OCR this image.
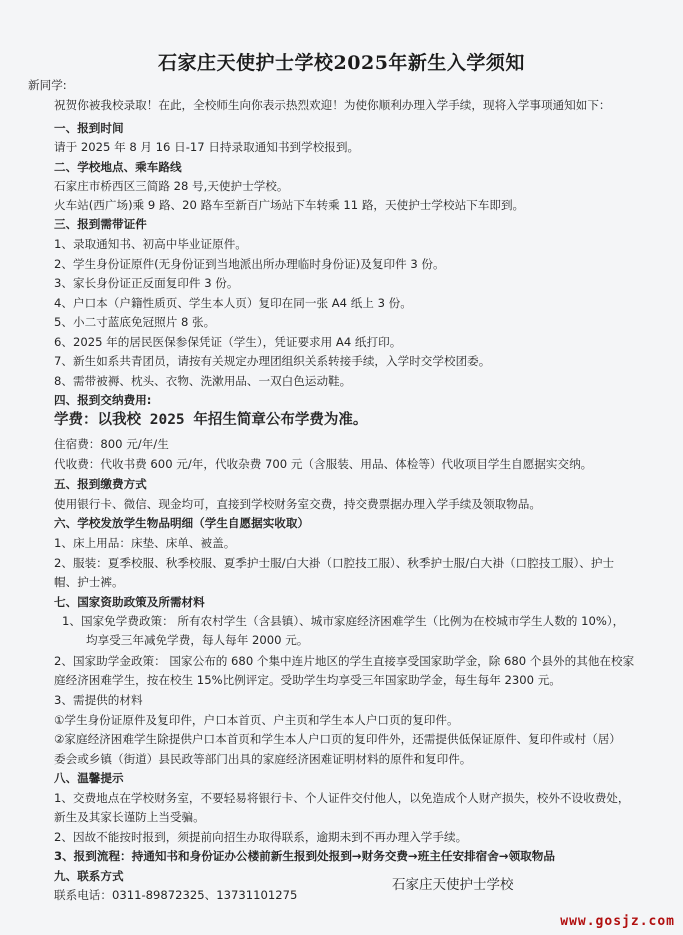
石家庄天使护士学校2025年新生入学须知
新同学:
祝贺你被我校录取！在此，全校师生向你表示热烈欢迎！为使你顺利办理入学手续，现将入学事项通知如下：
一、报到时间
请于 2025 年 8 月 16 日-17 日持录取通知书到学校报到。
二、学校地点、乘车路线
石家庄市桥西区三简路 28 号,天使护士学校。
火车站(西广场)乘 9 路、20 路车至新百广场站下车转乘 11 路，天使护士学校站下车即到。
三、报到需带证件
1、录取通知书、初高中毕业证原件。
2、学生身份证原件(无身份证到当地派出所办理临时身份证)及复印件 3 份。
3、家长身份证正反面复印件 3 份。
4、户口本（户籍性质页、学生本人页）复印在同一张 A4 纸上 3 份。
5、小二寸蓝底免冠照片 8 张。
6、2025 年的居民医保参保凭证（学生），凭证要求用 A4 纸打印。
7、新生如系共青团员，请按有关规定办理团组织关系转接手续，入学时交学校团委。
8、需带被褥、枕头、衣物、洗漱用品、一双白色运动鞋。
四、报到交纳费用:
学费：以我校 2025 年招生简章公布学费为准。
住宿费：800 元/年/生
代收费：代收书费 600 元/年，代收杂费 700 元（含服装、用品、体检等）代收项目学生自愿据实交纳。
五、报到缴费方式
使用银行卡、微信、现金均可，直接到学校财务室交费，持交费票据办理入学手续及领取物品。
六、学校发放学生物品明细（学生自愿据实收取）
1、床上用品：床垫、床单、被盖。
2、服装：夏季校服、秋季校服、夏季护士服/白大褂（口腔技工服）、秋季护士服/白大褂（口腔技工服）、护士
帽、护士裤。
七、国家资助政策及所需材料
1、国家免学费政策： 所有农村学生（含县镇）、城市家庭经济困难学生（比例为在校城市学生人数的 10%），
均享受三年减免学费，每人每年 2000 元。
2、国家助学金政策： 国家公布的 680 个集中连片地区的学生直接享受国家助学金，除 680 个县外的其他在校家
庭经济困难学生，按在校生 15%比例评定。受助学生均享受三年国家助学金，每生每年 2300 元。
3、需提供的材料
①学生身份证原件及复印件，户口本首页、户主页和学生本人户口页的复印件。
②家庭经济困难学生除提供户口本首页和学生本人户口页的复印件外，还需提供低保证原件、复印件或村（居）
委会或乡镇（街道）县民政等部门出具的家庭经济困难证明材料的原件和复印件。
八、温馨提示
1、交费地点在学校财务室，不要轻易将银行卡、个人证件交付他人，以免造成个人财产损失，校外不设收费处，
新生及其家长谨防上当受骗。
2、因故不能按时报到，须提前向招生办取得联系，逾期未到不再办理入学手续。
3、报到流程：持通知书和身份证办公楼前新生报到处报到→财务交费→班主任安排宿舍→领取物品
九、联系方式
联系电话：0311-89872325、13731101275
石家庄天使护士学校
www.gosjz.com
